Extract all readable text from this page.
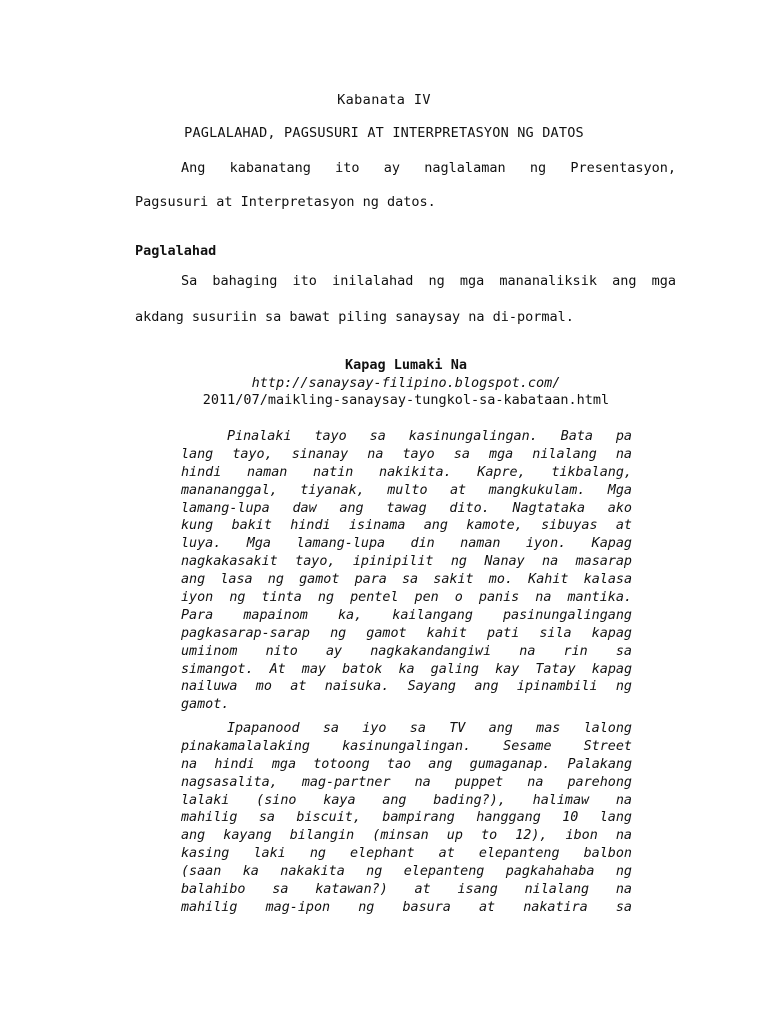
Kabanata IV
PAGLALAHAD, PAGSUSURI AT INTERPRETASYON NG DATOS
Ang kabanatang ito ay naglalaman ng Presentasyon,
Pagsusuri at Interpretasyon ng datos.
Paglalahad
Sa bahaging ito inilalahad ng mga mananaliksik ang mga
akdang susuriin sa bawat piling sanaysay na di-pormal.
Kapag Lumaki Na
http://sanaysay-filipino.blogspot.com/
2011/07/maikling-sanaysay-tungkol-sa-kabataan.html
Pinalaki tayo sa kasinungalingan. Bata pa
lang tayo, sinanay na tayo sa mga nilalang na
hindi naman natin nakikita. Kapre, tikbalang,
manananggal, tiyanak, multo at mangkukulam. Mga
lamang-lupa daw ang tawag dito. Nagtataka ako
kung bakit hindi isinama ang kamote, sibuyas at
luya. Mga lamang-lupa din naman iyon. Kapag
nagkakasakit tayo, ipinipilit ng Nanay na masarap
ang lasa ng gamot para sa sakit mo. Kahit kalasa
iyon ng tinta ng pentel pen o panis na mantika.
Para mapainom ka, kailangang pasinungalingang
pagkasarap-sarap ng gamot kahit pati sila kapag
umiinom nito ay nagkakandangiwi na rin sa
simangot. At may batok ka galing kay Tatay kapag
nailuwa mo at naisuka. Sayang ang ipinambili ng
gamot.
Ipapanood sa iyo sa TV ang mas lalong
pinakamalalaking kasinungalingan. Sesame Street
na hindi mga totoong tao ang gumaganap. Palakang
nagsasalita, mag-partner na puppet na parehong
lalaki (sino kaya ang bading?), halimaw na
mahilig sa biscuit, bampirang hanggang 10 lang
ang kayang bilangin (minsan up to 12), ibon na
kasing laki ng elephant at elepanteng balbon
(saan ka nakakita ng elepanteng pagkahahaba ng
balahibo sa katawan?) at isang nilalang na
mahilig mag-ipon ng basura at nakatira sa
